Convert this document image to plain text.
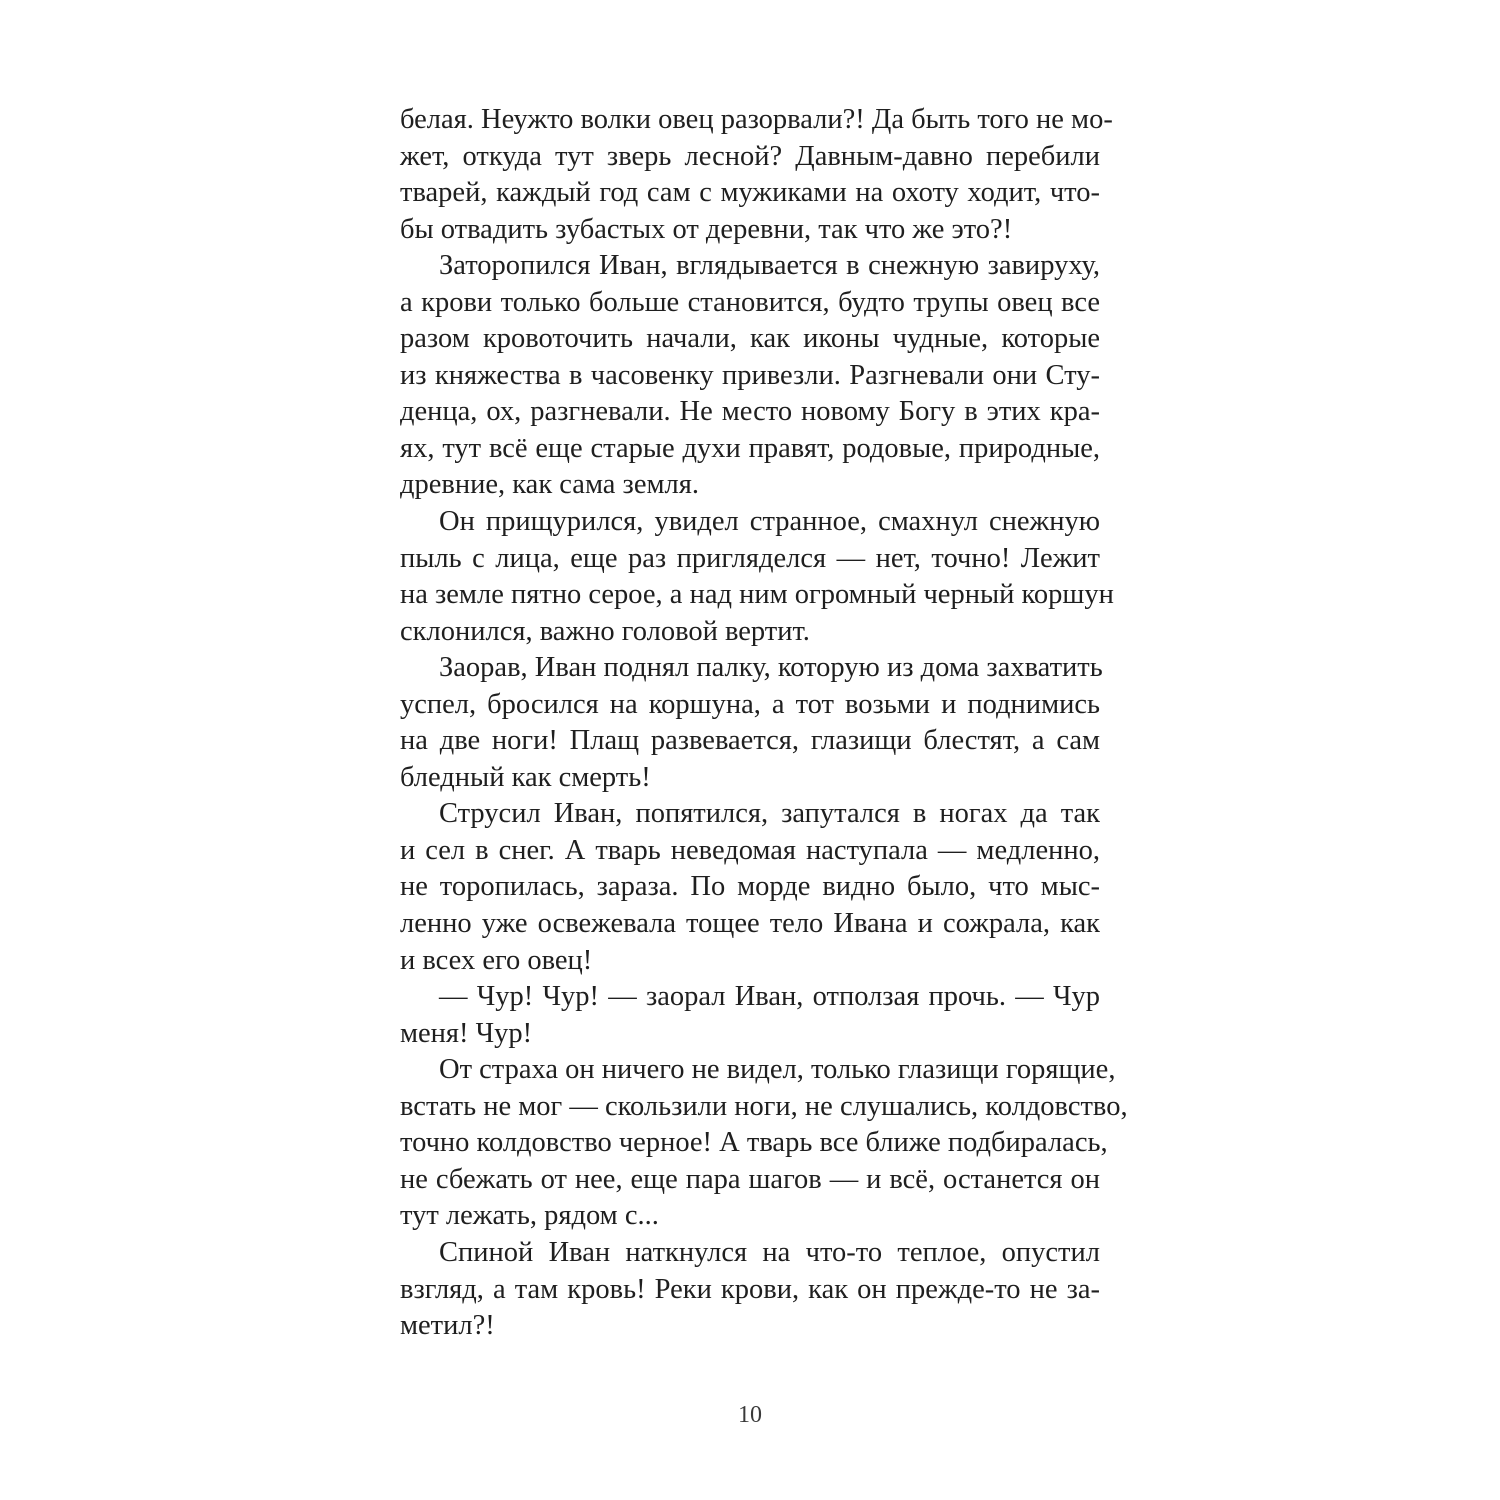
белая. Неужто волки овец разорвали?! Да быть того не мо-
жет, откуда тут зверь лесной? Давным-давно перебили
тварей, каждый год сам с мужиками на охоту ходит, что-
бы отвадить зубастых от деревни, так что же это?!
Заторопился Иван, вглядывается в снежную завируху,
а крови только больше становится, будто трупы овец все
разом кровоточить начали, как иконы чудные, которые
из княжества в часовенку привезли. Разгневали они Сту-
денца, ох, разгневали. Не место новому Богу в этих кра-
ях, тут всё еще старые духи правят, родовые, природные,
древние, как сама земля.
Он прищурился, увидел странное, смахнул снежную
пыль с лица, еще раз пригляделся — нет, точно! Лежит
на земле пятно серое, а над ним огромный черный коршун
склонился, важно головой вертит.
Заорав, Иван поднял палку, которую из дома захватить
успел, бросился на коршуна, а тот возьми и поднимись
на две ноги! Плащ развевается, глазищи блестят, а сам
бледный как смерть!
Струсил Иван, попятился, запутался в ногах да так
и сел в снег. А тварь неведомая наступала — медленно,
не торопилась, зараза. По морде видно было, что мыс-
ленно уже освежевала тощее тело Ивана и сожрала, как
и всех его овец!
— Чур! Чур! — заорал Иван, отползая прочь. — Чур
меня! Чур!
От страха он ничего не видел, только глазищи горящие,
встать не мог — скользили ноги, не слушались, колдовство,
точно колдовство черное! А тварь все ближе подбиралась,
не сбежать от нее, еще пара шагов — и всё, останется он
тут лежать, рядом с...
Спиной Иван наткнулся на что-то теплое, опустил
взгляд, а там кровь! Реки крови, как он прежде-то не за-
метил?!
10
